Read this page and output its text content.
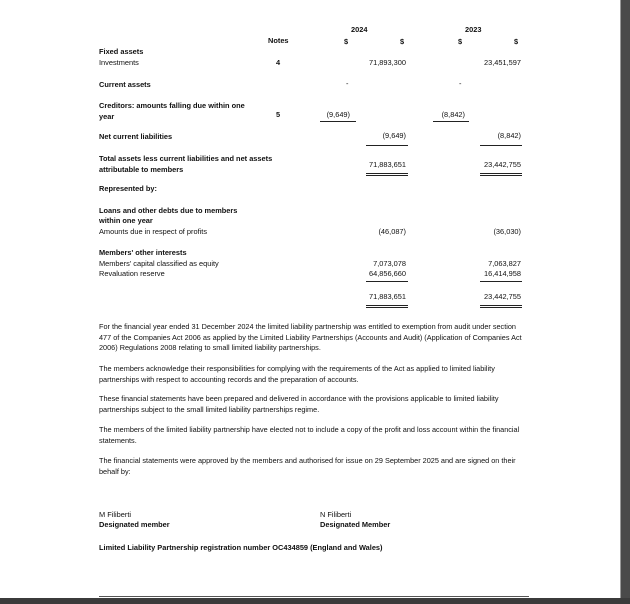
Notes
2024	2023
$	$	$	$
Fixed assets
Investments	4	71,893,300	23,451,597
Current assets	-	-
Creditors: amounts falling due within one
year	5	(9,649)	(8,842)
Net current liabilities	(9,649)	(8,842)
Total assets less current liabilities and net assets
attributable to members
71,883,651	23,442,755
Represented by:
Loans and other debts due to members
within one year
Amounts due in respect of profits	(46,087)	(36,030)
Members' other interests
Members' capital classified as equity	7,073,078	7,063,827
Revaluation reserve	64,856,660	16,414,958
71,883,651	23,442,755
For the financial year ended 31 December 2024 the limited liability partnership was entitled to exemption from audit under section 477 of the Companies Act 2006 as applied by the Limited Liability Partnerships (Accounts and Audit) (Application of Companies Act 2006) Regulations 2008 relating to small limited liability partnerships.
The members acknowledge their responsibilities for complying with the requirements of the Act as applied to limited liability partnerships with respect to accounting records and the preparation of accounts.
These financial statements have been prepared and delivered in accordance with the provisions applicable to limited liability partnerships subject to the small limited liability partnerships regime.
The members of the limited liability partnership have elected not to include a copy of the profit and loss account within the financial statements.
The financial statements were approved by the members and authorised for issue on 29 September 2025 and are signed on their behalf by:
M Filiberti
Designated member
N Filiberti
Designated Member
Limited Liability Partnership registration number OC434859 (England and Wales)
